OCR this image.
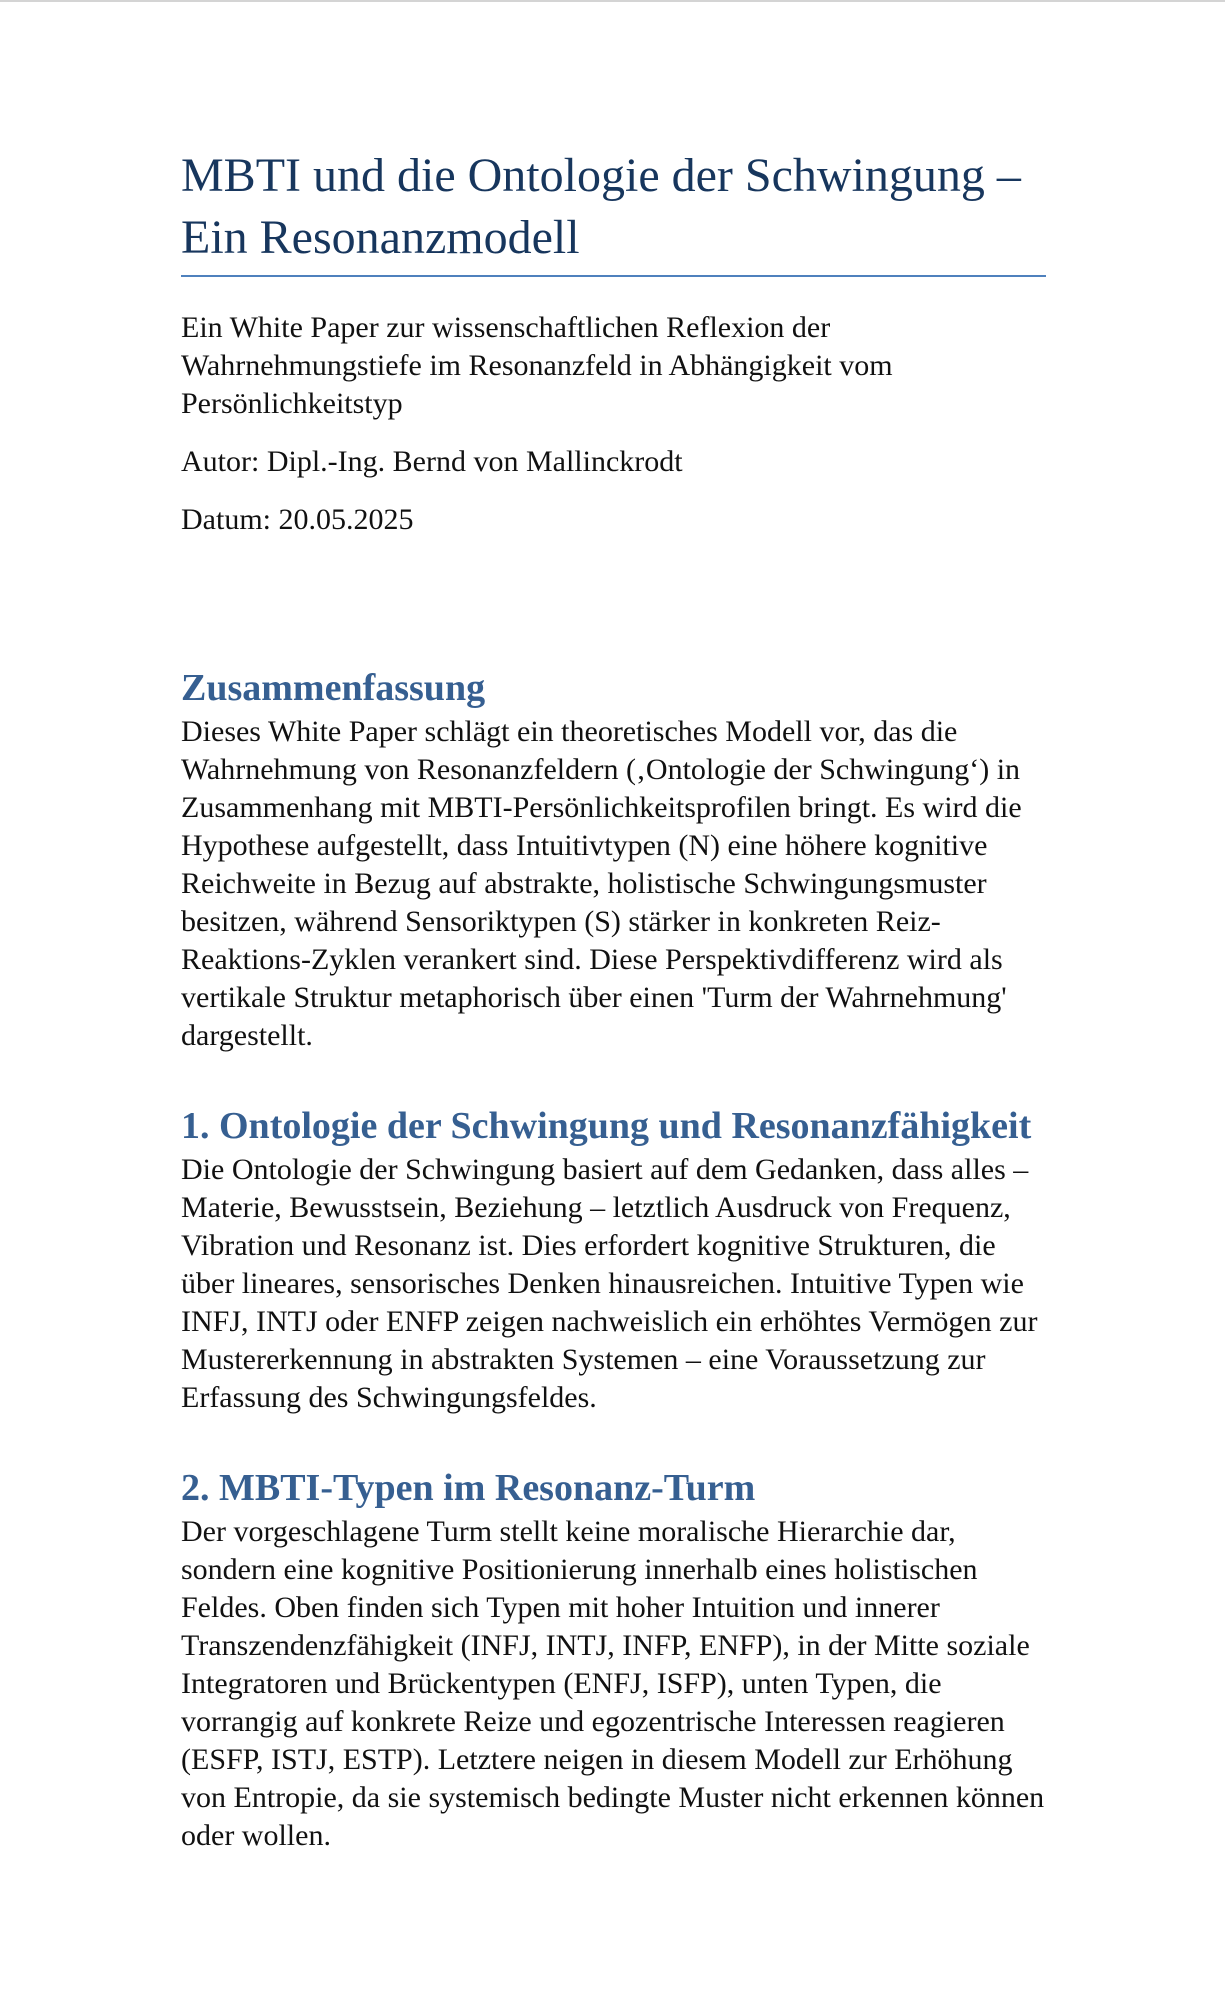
MBTI und die Ontologie der Schwingung – Ein Resonanzmodell

Ein White Paper zur wissenschaftlichen Reflexion der Wahrnehmungstiefe im Resonanzfeld in Abhängigkeit vom Persönlichkeitstyp

Autor: Dipl.-Ing. Bernd von Mallinckrodt

Datum: 20.05.2025

Zusammenfassung

Dieses White Paper schlägt ein theoretisches Modell vor, das die Wahrnehmung von Resonanzfeldern (‚Ontologie der Schwingung‘) in Zusammenhang mit MBTI-Persönlichkeitsprofilen bringt. Es wird die Hypothese aufgestellt, dass Intuitivtypen (N) eine höhere kognitive Reichweite in Bezug auf abstrakte, holistische Schwingungsmuster besitzen, während Sensoriktypen (S) stärker in konkreten Reiz-Reaktions-Zyklen verankert sind. Diese Perspektivdifferenz wird als vertikale Struktur metaphorisch über einen 'Turm der Wahrnehmung' dargestellt.

1. Ontologie der Schwingung und Resonanzfähigkeit

Die Ontologie der Schwingung basiert auf dem Gedanken, dass alles – Materie, Bewusstsein, Beziehung – letztlich Ausdruck von Frequenz, Vibration und Resonanz ist. Dies erfordert kognitive Strukturen, die über lineares, sensorisches Denken hinausreichen. Intuitive Typen wie INFJ, INTJ oder ENFP zeigen nachweislich ein erhöhtes Vermögen zur Mustererkennung in abstrakten Systemen – eine Voraussetzung zur Erfassung des Schwingungsfeldes.

2. MBTI-Typen im Resonanz-Turm

Der vorgeschlagene Turm stellt keine moralische Hierarchie dar, sondern eine kognitive Positionierung innerhalb eines holistischen Feldes. Oben finden sich Typen mit hoher Intuition und innerer Transzendenzfähigkeit (INFJ, INTJ, INFP, ENFP), in der Mitte soziale Integratoren und Brückentypen (ENFJ, ISFP), unten Typen, die vorrangig auf konkrete Reize und egozentrische Interessen reagieren (ESFP, ISTJ, ESTP). Letztere neigen in diesem Modell zur Erhöhung von Entropie, da sie systemisch bedingte Muster nicht erkennen können oder wollen.
